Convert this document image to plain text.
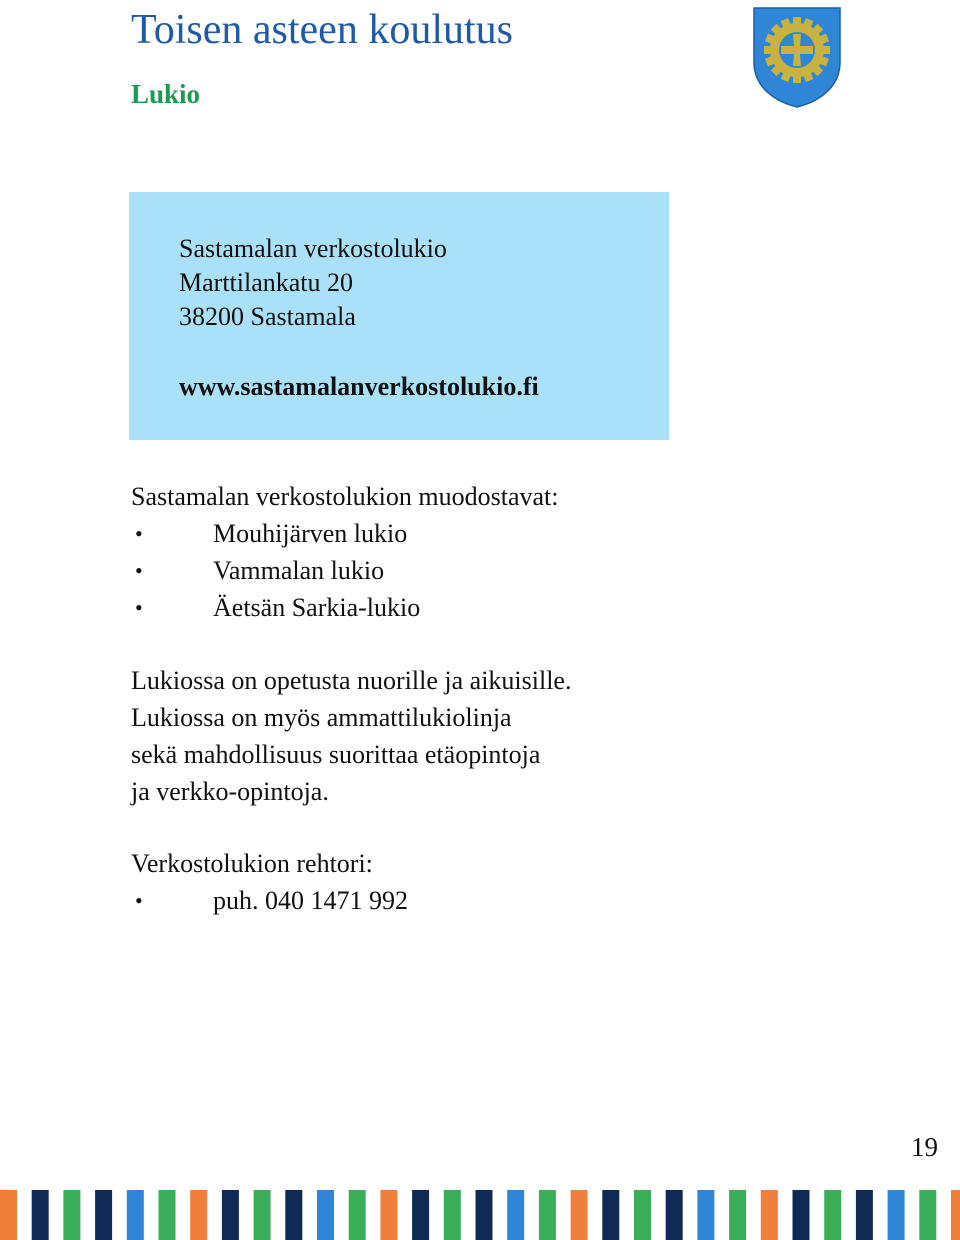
Toisen asteen koulutus
Lukio
Sastamalan verkostolukio
Marttilankatu 20
38200 Sastamala
www.sastamalanverkostolukio.fi

Sastamalan verkostolukion muodostavat:

• Mouhijärven lukio
• Vammalan lukio
• Äetsän Sarkia-lukio

Lukiossa on opetusta nuorille ja aikuisille.

Lukiossa on myös ammattilukiolinja

sekä mahdollisuus suorittaa etäopintoja

ja verkko-opintoja.

Verkostolukion rehtori:

• puh. 040 1471 992
19
